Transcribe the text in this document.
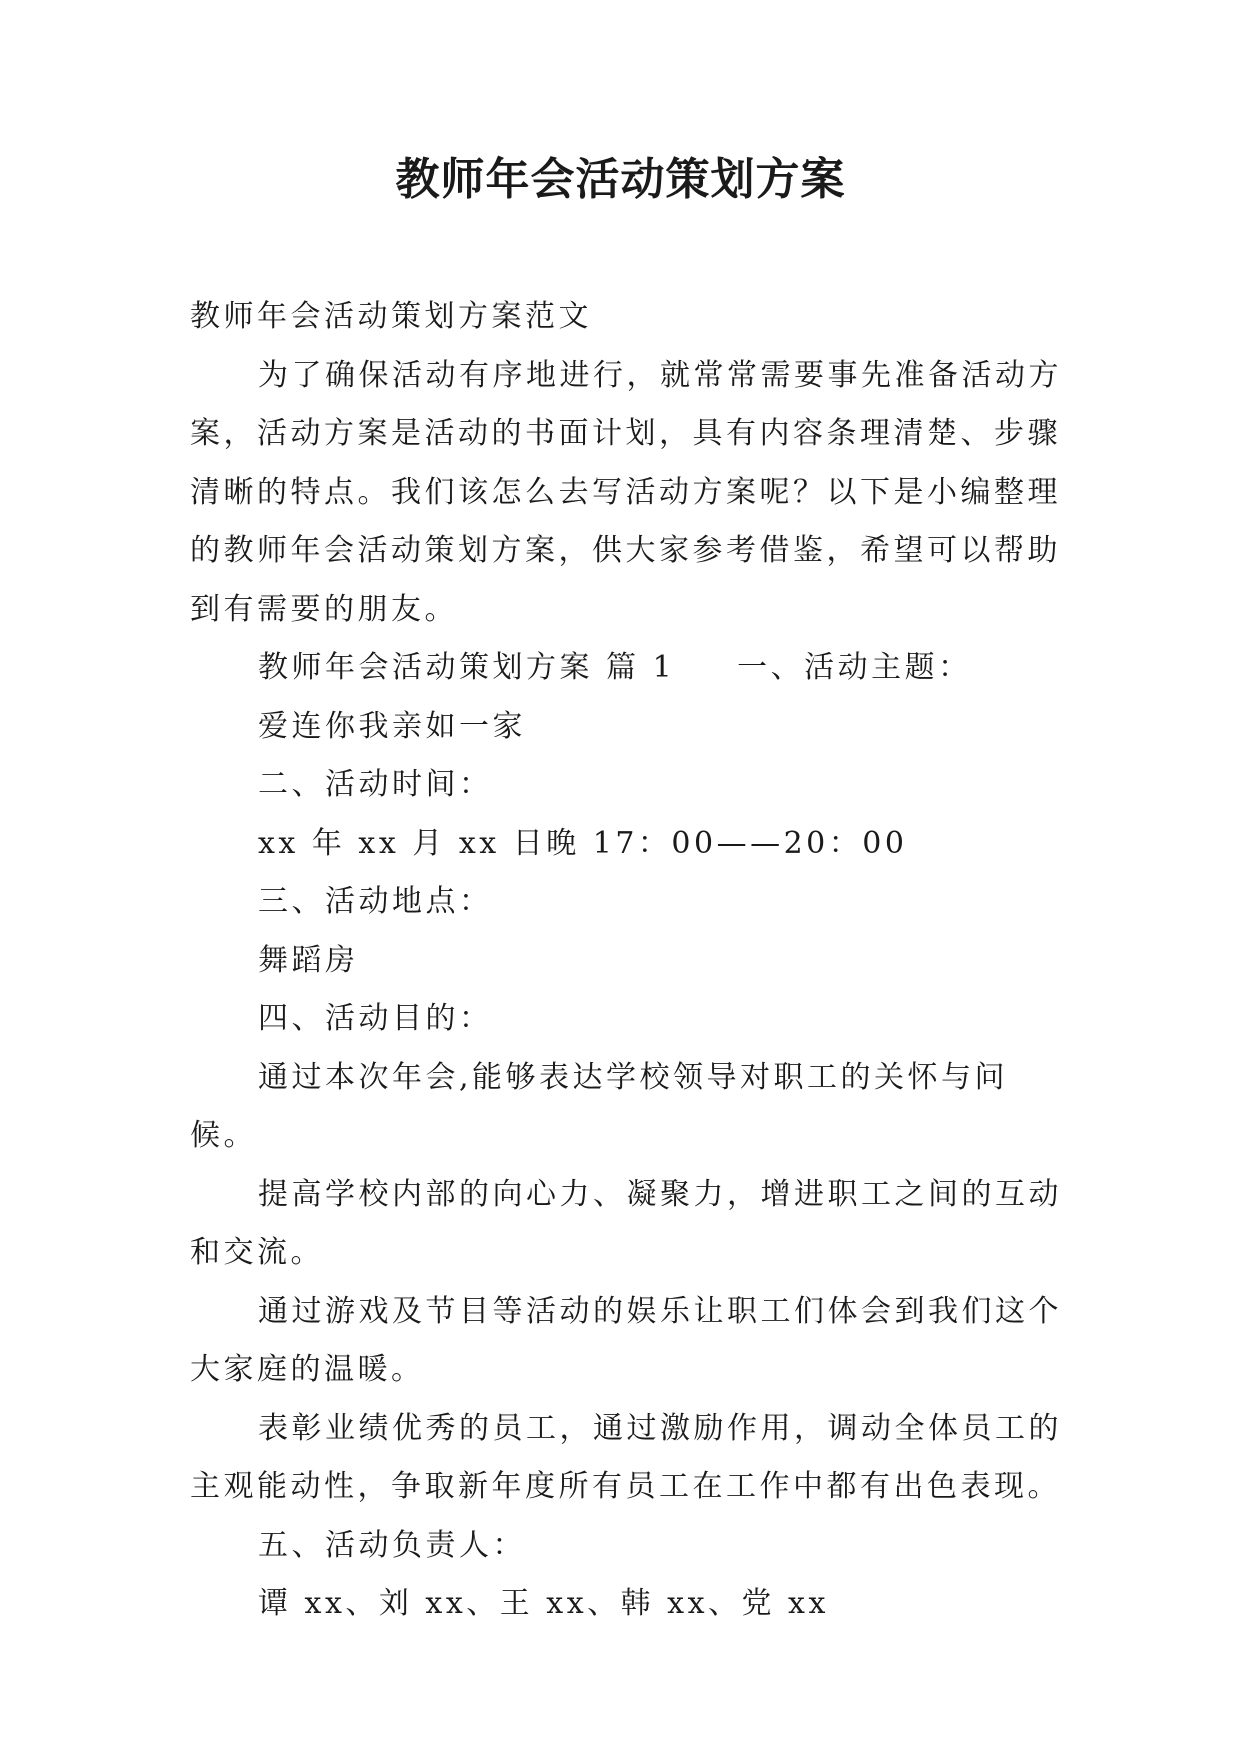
教师年会活动策划方案

教师年会活动策划方案范文

为了确保活动有序地进行，就常常需要事先准备活动方案，活动方案是活动的书面计划，具有内容条理清楚、步骤清晰的特点。我们该怎么去写活动方案呢？以下是小编整理的教师年会活动策划方案，供大家参考借鉴，希望可以帮助到有需要的朋友。

教师年会活动策划方案 篇 1 一、活动主题：

爱连你我亲如一家

二、活动时间：

xx 年 xx 月 xx 日晚 17：00——20：00

三、活动地点：

舞蹈房

四、活动目的：

通过本次年会,能够表达学校领导对职工的关怀与问候。

提高学校内部的向心力、凝聚力，增进职工之间的互动和交流。

通过游戏及节目等活动的娱乐让职工们体会到我们这个大家庭的温暖。

表彰业绩优秀的员工，通过激励作用，调动全体员工的主观能动性，争取新年度所有员工在工作中都有出色表现。

五、活动负责人：

谭 xx、刘 xx、王 xx、韩 xx、党 xx
